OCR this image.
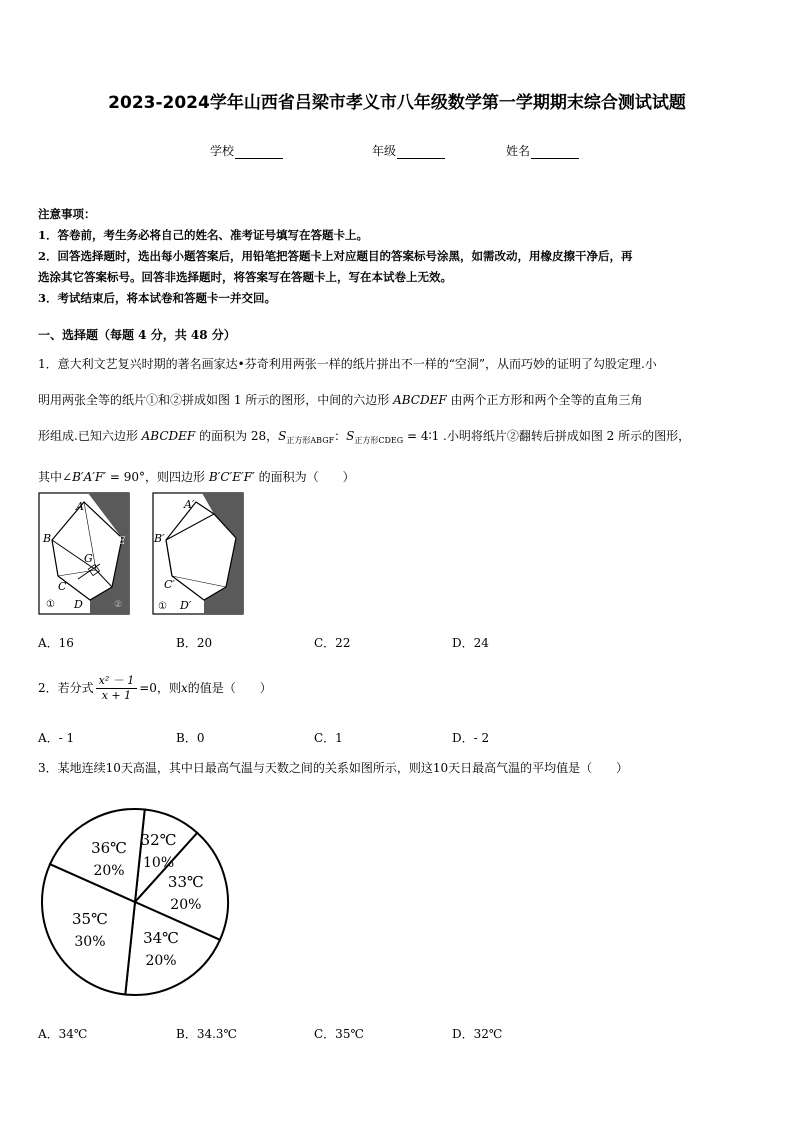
2023-2024学年山西省吕梁市孝义市八年级数学第一学期期末综合测试试题
学校	年级	姓名
注意事项：
1．答卷前，考生务必将自己的姓名、准考证号填写在答题卡上。
2．回答选择题时，选出每小题答案后，用铅笔把答题卡上对应题目的答案标号涂黑，如需改动，用橡皮擦干净后，再
选涂其它答案标号。回答非选择题时，将答案写在答题卡上，写在本试卷上无效。
3．考试结束后，将本试卷和答题卡一并交回。
一、选择题（每题 4 分，共 48 分）
1．意大利文艺复兴时期的著名画家达•芬奇利用两张一样的纸片拼出不一样的“空洞”，从而巧妙的证明了勾股定理.小
明用两张全等的纸片①和②拼成如图 1 所示的图形，中间的六边形 ABCDEF 由两个正方形和两个全等的直角三角
形组成.已知六边形 ABCDEF 的面积为 28，$S_{正方形ABGF}$：$S_{正方形CDEG}$ = 4∶1 .小明将纸片②翻转后拼成如图 2 所示的图形，
其中∠B′A′F′ = 90°，则四边形 B′C′E′F′ 的面积为（　　）
A
B
G
C
D
E
①	②
A′
B′
C′
D′
①
A．16	B．20	C．22	D．24
2．若分式 $\frac{\text{x² － 1}}{x + 1} =0$，则x的值是（　　）
A．- 1	B．0	C．1	D．- 2
3．某地连续10天高温，其中日最高气温与天数之间的关系如图所示，则这10天日最高气温的平均值是（　　）
32℃
10%
33℃
20%
34℃
20%
35℃
30%
36℃
20%
A．34℃	B．34.3℃	C．35℃	D．32℃
